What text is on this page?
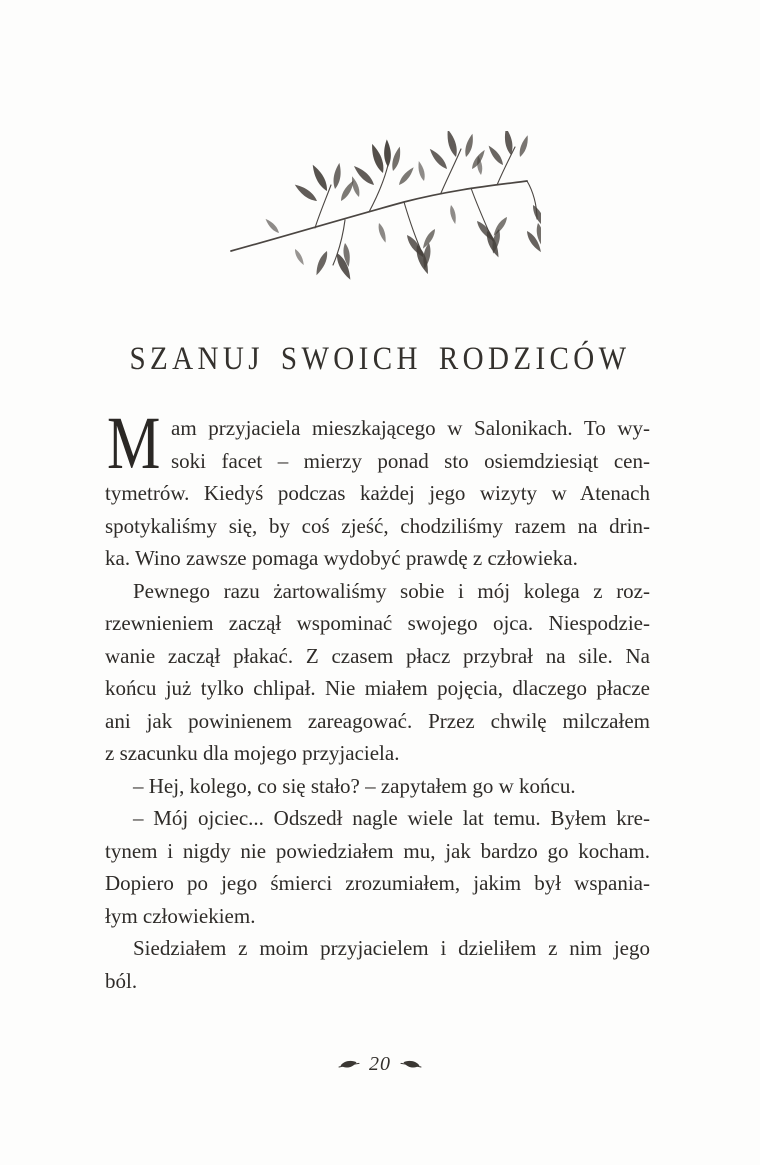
SZANUJ SWOICH RODZICÓW
M am przyjaciela mieszkającego w Salonikach. To wy-
soki facet – mierzy ponad sto osiemdziesiąt cen-
tymetrów. Kiedyś podczas każdej jego wizyty w Atenach
spotykaliśmy się, by coś zjeść, chodziliśmy razem na drin-
ka. Wino zawsze pomaga wydobyć prawdę z człowieka.
Pewnego razu żartowaliśmy sobie i mój kolega z roz-
rzewnieniem zaczął wspominać swojego ojca. Niespodzie-
wanie zaczął płakać. Z czasem płacz przybrał na sile. Na
końcu już tylko chlipał. Nie miałem pojęcia, dlaczego płacze
ani jak powinienem zareagować. Przez chwilę milczałem
z szacunku dla mojego przyjaciela.
– Hej, kolego, co się stało? – zapytałem go w końcu.
– Mój ojciec... Odszedł nagle wiele lat temu. Byłem kre-
tynem i nigdy nie powiedziałem mu, jak bardzo go kocham.
Dopiero po jego śmierci zrozumiałem, jakim był wspania-
łym człowiekiem.
Siedziałem z moim przyjacielem i dzieliłem z nim jego
ból.
20
